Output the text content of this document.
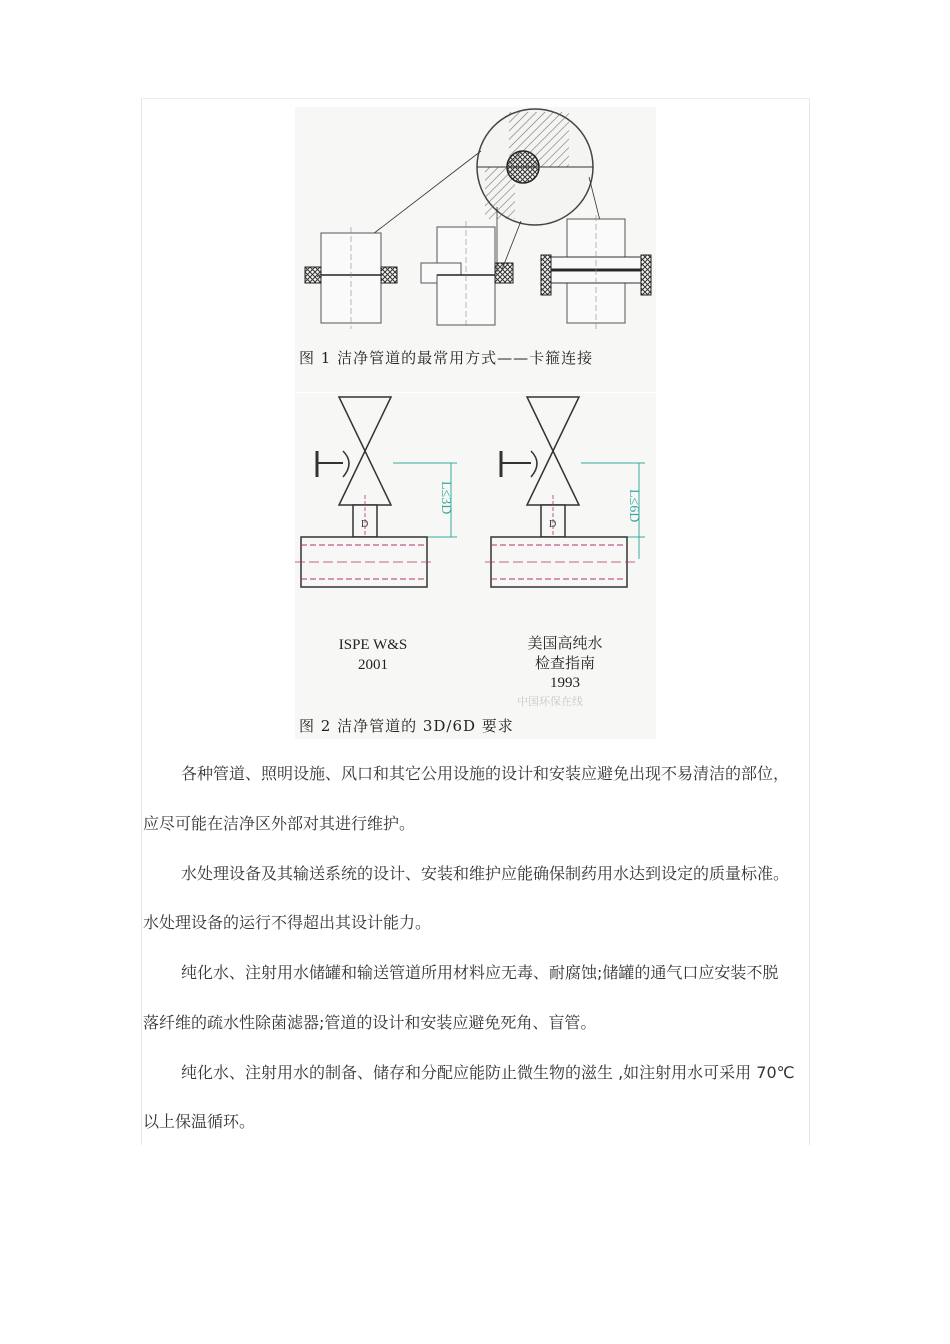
图 1 洁净管道的最常用方式——卡箍连接
L≤3D
D
L≤6D
D
ISPE W&S
2001
美国高纯水
检查指南
1993
中国环保在线
图 2 洁净管道的 3D/6D 要求
各种管道、照明设施、风口和其它公用设施的设计和安装应避免出现不易清洁的部位，
应尽可能在洁净区外部对其进行维护。
水处理设备及其输送系统的设计、安装和维护应能确保制药用水达到设定的质量标准。
水处理设备的运行不得超出其设计能力。
纯化水、注射用水储罐和输送管道所用材料应无毒、耐腐蚀;储罐的通气口应安装不脱
落纤维的疏水性除菌滤器;管道的设计和安装应避免死角、盲管。
纯化水、注射用水的制备、储存和分配应能防止微生物的滋生 ,如注射用水可采用 70℃
以上保温循环。
